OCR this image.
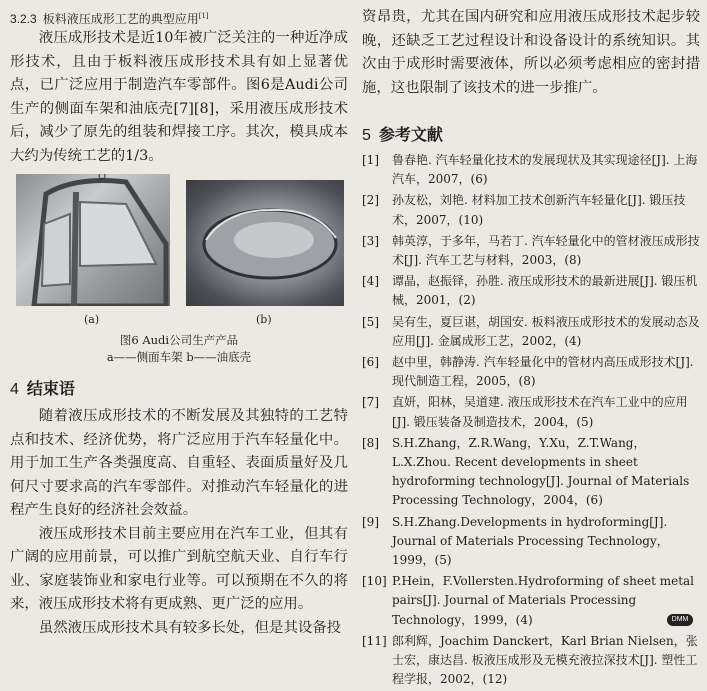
3.2.3 板料液压成形工艺的典型应用[1]

液压成形技术是近10年被广泛关注的一种近净成形技术，且由于板料液压成形技术具有如上显著优点，已广泛应用于制造汽车零部件。图6是Audi公司生产的侧面车架和油底壳[7][8]，采用液压成形技术后，减少了原先的组装和焊接工序。其次，模具成本大约为传统工艺的1/3。

(a)	(b)
图6 Audi公司生产产品
a——侧面车架 b——油底壳
4 结束语

随着液压成形技术的不断发展及其独特的工艺特点和技术、经济优势，将广泛应用于汽车轻量化中。用于加工生产各类强度高、自重轻、表面质量好及几何尺寸要求高的汽车零部件。对推动汽车轻量化的进程产生良好的经济社会效益。

液压成形技术目前主要应用在汽车工业，但其有广阔的应用前景，可以推广到航空航天业、自行车行业、家庭装饰业和家电行业等。可以预期在不久的将来，液压成形技术将有更成熟、更广泛的应用。

虽然液压成形技术具有较多长处，但是其设备投

资昂贵，尤其在国内研究和应用液压成形技术起步较晚，还缺乏工艺过程设计和设备设计的系统知识。其次由于成形时需要液体，所以必须考虑相应的密封措施，这也限制了该技术的进一步推广。

5 参考文献
[1] 鲁春艳. 汽车轻量化技术的发展现状及其实现途径[J]. 上海汽车，2007，(6)
[2] 孙友松，刘艳. 材料加工技术创新汽车轻量化[J]. 锻压技术，2007，(10)
[3] 韩英淳，于多年，马若丁. 汽车轻量化中的管材液压成形技术[J]. 汽车工艺与材料，2003，(8)
[4] 谭晶，赵振铎，孙胜. 液压成形技术的最新进展[J]. 锻压机械，2001，(2)
[5] 吴有生，夏巨谌，胡国安. 板料液压成形技术的发展动态及应用[J]. 金属成形工艺，2002，(4)
[6] 赵中里，韩静涛. 汽车轻量化中的管材内高压成形技术[J]. 现代制造工程，2005，(8)
[7] 直妍，阳林，吴道建. 液压成形技术在汽车工业中的应用[J]. 锻压装备及制造技术，2004，(5)
[8] S.H.Zhang，Z.R.Wang，Y.Xu，Z.T.Wang，L.X.Zhou. Recent developments in sheet hydroforming technology[J]. Journal of Materials Processing Technology，2004，(6)
[9] S.H.Zhang.Developments in hydroforming[J]. Journal of Materials Processing Technology，1999，(5)
[10] P.Hein，F.Vollersten.Hydroforming of sheet metal pairs[J]. Journal of Materials Processing Technology，1999，(4)
[11] 郎利辉，Joachim Danckert，Karl Brian Nielsen，张士宏，康达昌. 板液压成形及无模充液拉深技术[J]. 塑性工程学报，2002，(12)
DMM
